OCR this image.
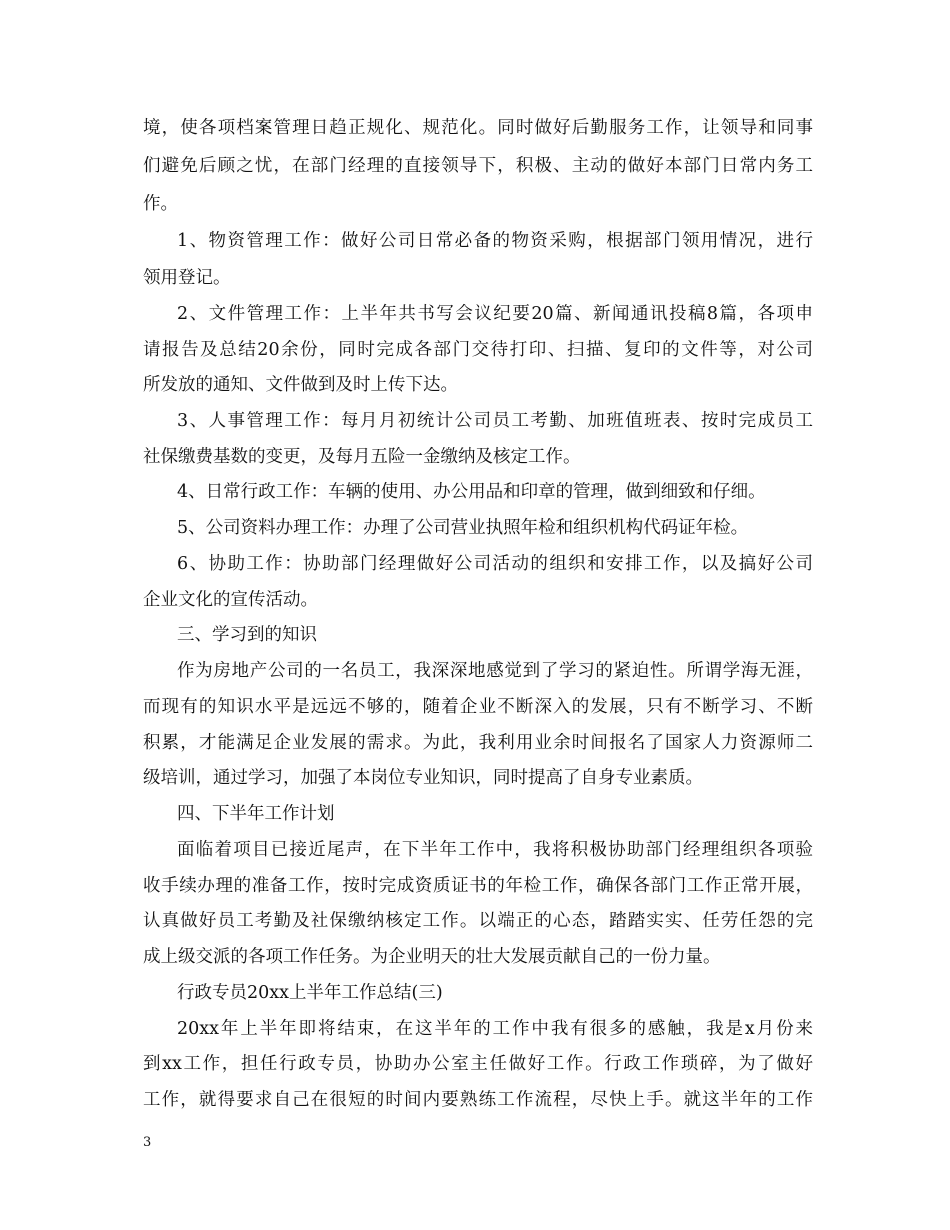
境，使各项档案管理日趋正规化、规范化。同时做好后勤服务工作，让领导和同事
们避免后顾之忧，在部门经理的直接领导下，积极、主动的做好本部门日常内务工
作。
1、物资管理工作：做好公司日常必备的物资采购，根据部门领用情况，进行
领用登记。
2、文件管理工作：上半年共书写会议纪要20篇、新闻通讯投稿8篇，各项申
请报告及总结20余份，同时完成各部门交待打印、扫描、复印的文件等，对公司
所发放的通知、文件做到及时上传下达。
3、人事管理工作：每月月初统计公司员工考勤、加班值班表、按时完成员工
社保缴费基数的变更，及每月五险一金缴纳及核定工作。
4、日常行政工作：车辆的使用、办公用品和印章的管理，做到细致和仔细。
5、公司资料办理工作：办理了公司营业执照年检和组织机构代码证年检。
6、协助工作：协助部门经理做好公司活动的组织和安排工作，以及搞好公司
企业文化的宣传活动。
三、学习到的知识
作为房地产公司的一名员工，我深深地感觉到了学习的紧迫性。所谓学海无涯，
而现有的知识水平是远远不够的，随着企业不断深入的发展，只有不断学习、不断
积累，才能满足企业发展的需求。为此，我利用业余时间报名了国家人力资源师二
级培训，通过学习，加强了本岗位专业知识，同时提高了自身专业素质。
四、下半年工作计划
面临着项目已接近尾声，在下半年工作中，我将积极协助部门经理组织各项验
收手续办理的准备工作，按时完成资质证书的年检工作，确保各部门工作正常开展，
认真做好员工考勤及社保缴纳核定工作。以端正的心态，踏踏实实、任劳任怨的完
成上级交派的各项工作任务。为企业明天的壮大发展贡献自己的一份力量。
行政专员20xx上半年工作总结(三)
20xx年上半年即将结束，在这半年的工作中我有很多的感触，我是x月份来
到xx工作，担任行政专员，协助办公室主任做好工作。行政工作琐碎，为了做好
工作，就得要求自己在很短的时间内要熟练工作流程，尽快上手。就这半年的工作
3
